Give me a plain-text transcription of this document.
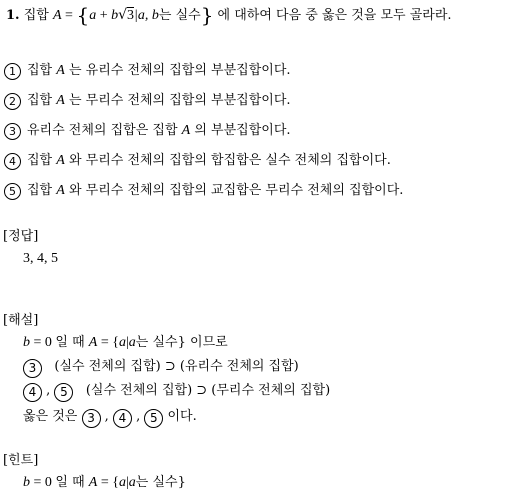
1. 집합 A = {a + b√3|a, b는 실수} 에 대하여 다음 중 옳은 것을 모두 골라라.
1 집합 A 는 유리수 전체의 집합의 부분집합이다.
2 집합 A 는 무리수 전체의 집합의 부분집합이다.
3 유리수 전체의 집합은 집합 A 의 부분집합이다.
4 집합 A 와 무리수 전체의 집합의 합집합은 실수 전체의 집합이다.
5 집합 A 와 무리수 전체의 집합의 교집합은 무리수 전체의 집합이다.
[정답]
3, 4, 5
[해설]
b = 0 일 때 A = {a|a는 실수} 이므로
3 (실수 전체의 집합) ⊃ (유리수 전체의 집합)
4 , 5 (실수 전체의 집합) ⊃ (무리수 전체의 집합)
옳은 것은 3 , 4 , 5 이다.
[힌트]
b = 0 일 때 A = {a|a는 실수}
